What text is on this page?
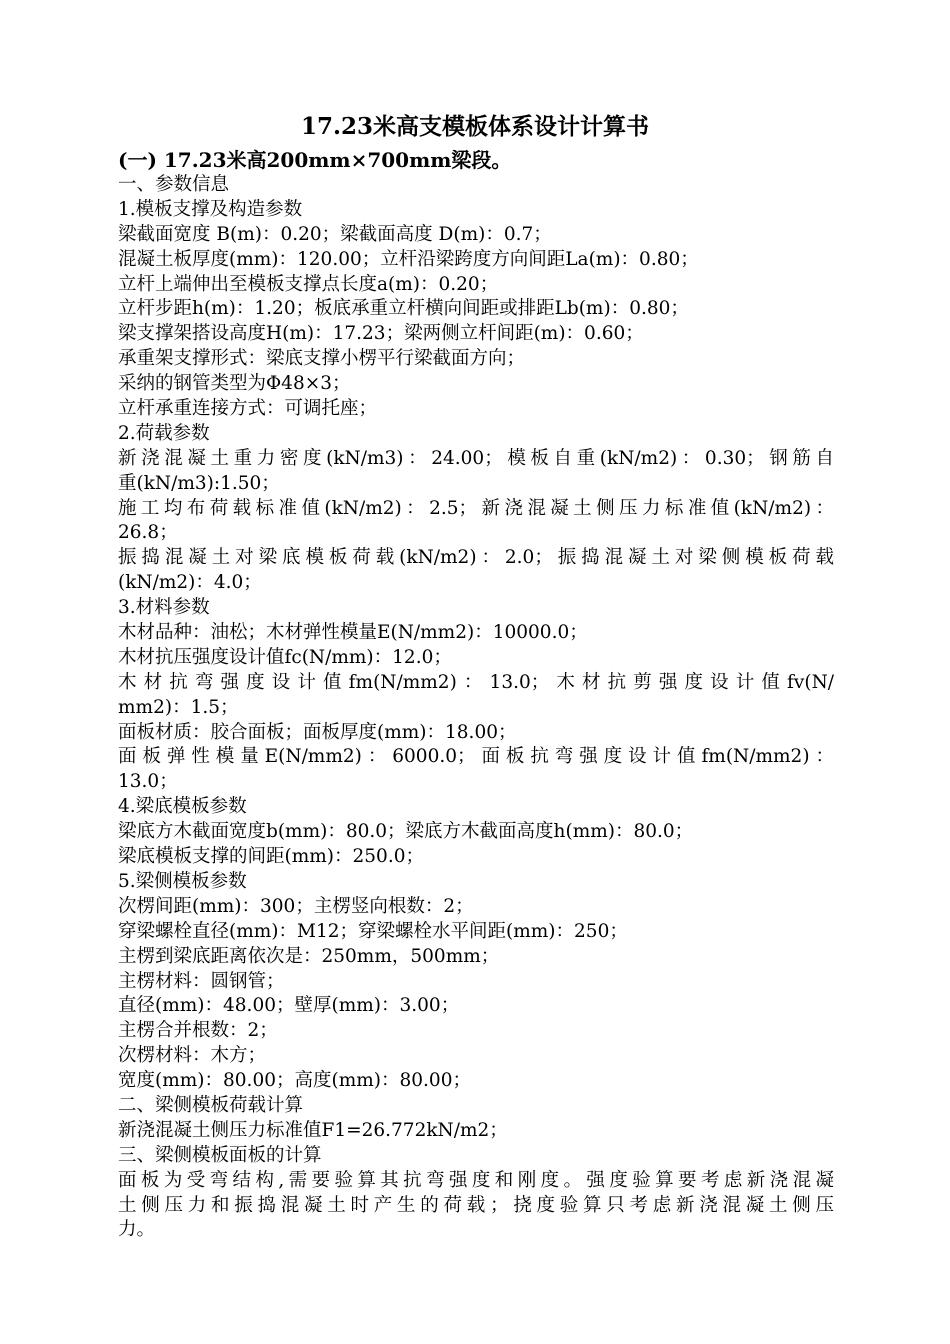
17.23米高支模板体系设计计算书
(一) 17.23米高200mm×700mm梁段。
一、参数信息
1.模板支撑及构造参数
梁截面宽度 B(m)：0.20；梁截面高度 D(m)：0.7；
混凝土板厚度(mm)：120.00；立杆沿梁跨度方向间距La(m)：0.80；
立杆上端伸出至模板支撑点长度a(m)：0.20；
立杆步距h(m)：1.20；板底承重立杆横向间距或排距Lb(m)：0.80；
梁支撑架搭设高度H(m)：17.23；梁两侧立杆间距(m)：0.60；
承重架支撑形式：梁底支撑小楞平行梁截面方向；
采纳的钢管类型为Φ48×3；
立杆承重连接方式：可调托座；
2.荷载参数
新浇混凝土重力密度(kN/m3)：24.00；模板自重(kN/m2)：0.30；钢筋自
重(kN/m3):1.50；
施工均布荷载标准值(kN/m2)：2.5；新浇混凝土侧压力标准值(kN/m2)：
26.8；
振捣混凝土对梁底模板荷载(kN/m2)：2.0；振捣混凝土对梁侧模板荷载
(kN/m2)：4.0；
3.材料参数
木材品种：油松；木材弹性模量E(N/mm2)：10000.0；
木材抗压强度设计值fc(N/mm)：12.0；
木材抗弯强度设计值fm(N/mm2)：13.0；木材抗剪强度设计值fv(N/
mm2)：1.5；
面板材质：胶合面板；面板厚度(mm)：18.00；
面板弹性模量E(N/mm2)：6000.0；面板抗弯强度设计值fm(N/mm2)：
13.0；
4.梁底模板参数
梁底方木截面宽度b(mm)：80.0；梁底方木截面高度h(mm)：80.0；
梁底模板支撑的间距(mm)：250.0；
5.梁侧模板参数
次楞间距(mm)：300；主楞竖向根数：2；
穿梁螺栓直径(mm)：M12；穿梁螺栓水平间距(mm)：250；
主楞到梁底距离依次是：250mm，500mm；
主楞材料：圆钢管；
直径(mm)：48.00；壁厚(mm)：3.00；
主楞合并根数：2；
次楞材料：木方；
宽度(mm)：80.00；高度(mm)：80.00；
二、梁侧模板荷载计算
新浇混凝土侧压力标准值F1=26.772kN/m2；
三、梁侧模板面板的计算
面板为受弯结构,需要验算其抗弯强度和刚度。强度验算要考虑新浇混凝
土侧压力和振捣混凝土时产生的荷载；挠度验算只考虑新浇混凝土侧压
力。
